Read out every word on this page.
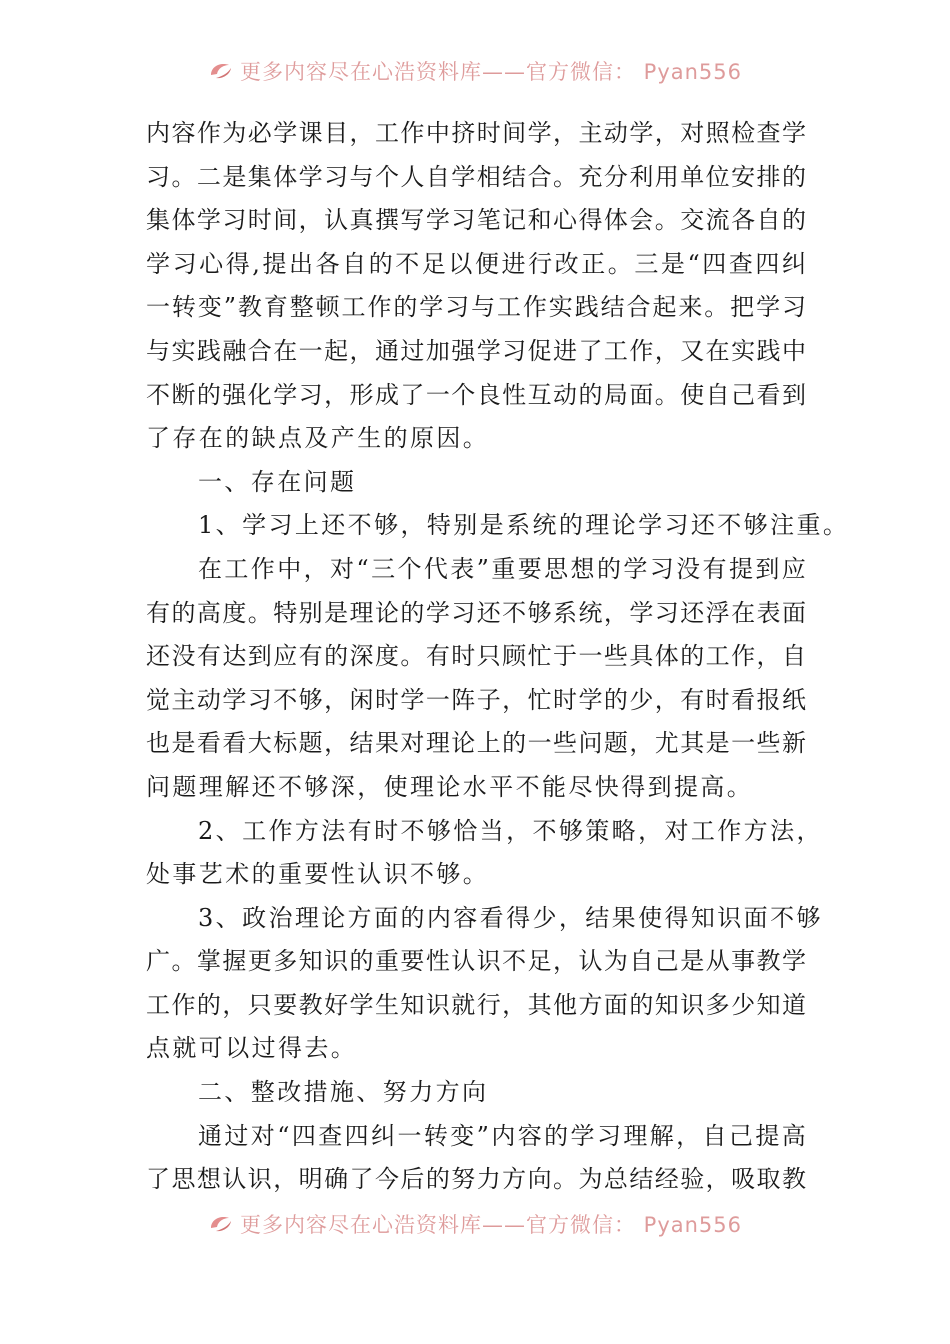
更多内容尽在心浩资料库——官方微信： Pyan556
内容作为必学课目，工作中挤时间学，主动学，对照检查学
习。二是集体学习与个人自学相结合。充分利用单位安排的
集体学习时间，认真撰写学习笔记和心得体会。交流各自的
学习心得,提出各自的不足以便进行改正。三是“四查四纠
一转变”教育整顿工作的学习与工作实践结合起来。把学习
与实践融合在一起，通过加强学习促进了工作，又在实践中
不断的强化学习，形成了一个良性互动的局面。使自己看到
了存在的缺点及产生的原因。
一、存在问题
1、学习上还不够，特别是系统的理论学习还不够注重。
在工作中，对“三个代表”重要思想的学习没有提到应
有的高度。特别是理论的学习还不够系统，学习还浮在表面
还没有达到应有的深度。有时只顾忙于一些具体的工作，自
觉主动学习不够，闲时学一阵子，忙时学的少，有时看报纸
也是看看大标题，结果对理论上的一些问题，尤其是一些新
问题理解还不够深，使理论水平不能尽快得到提高。
2、工作方法有时不够恰当，不够策略，对工作方法，
处事艺术的重要性认识不够。
3、政治理论方面的内容看得少，结果使得知识面不够
广。掌握更多知识的重要性认识不足，认为自己是从事教学
工作的，只要教好学生知识就行，其他方面的知识多少知道
点就可以过得去。
二、整改措施、努力方向
通过对“四查四纠一转变”内容的学习理解，自己提高
了思想认识，明确了今后的努力方向。为总结经验，吸取教
更多内容尽在心浩资料库——官方微信： Pyan556
